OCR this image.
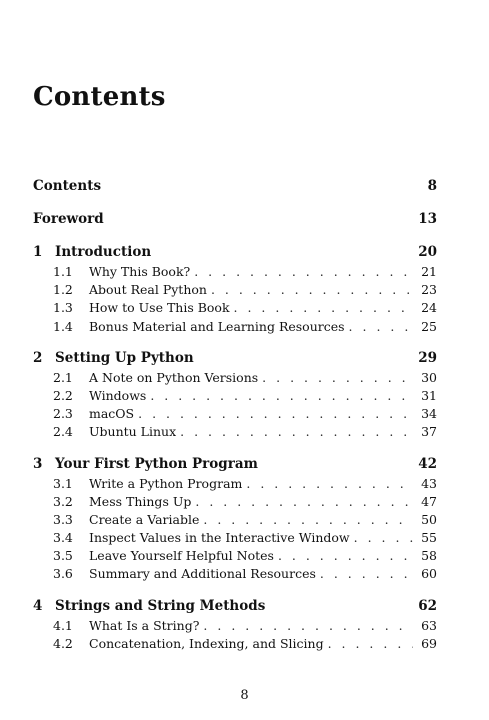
Contents
Contents	8
Foreword	13
1 Introduction	20
1.1	Why This Book? . . .	21
1.2	About Real Python . . .	23
1.3	How to Use This Book . . .	24
1.4	Bonus Material and Learning Resources . . .	25
2 Setting Up Python	29
2.1	A Note on Python Versions . . .	30
2.2	Windows . . .	31
2.3	macOS . . .	34
2.4	Ubuntu Linux . . .	37
3 Your First Python Program	42
3.1	Write a Python Program . . .	43
3.2	Mess Things Up . . .	47
3.3	Create a Variable . . .	50
3.4	Inspect Values in the Interactive Window . . .	55
3.5	Leave Yourself Helpful Notes . . .	58
3.6	Summary and Additional Resources . . .	60
4 Strings and String Methods	62
4.1	What Is a String? . . .	63
4.2	Concatenation, Indexing, and Slicing . . .	69
8
